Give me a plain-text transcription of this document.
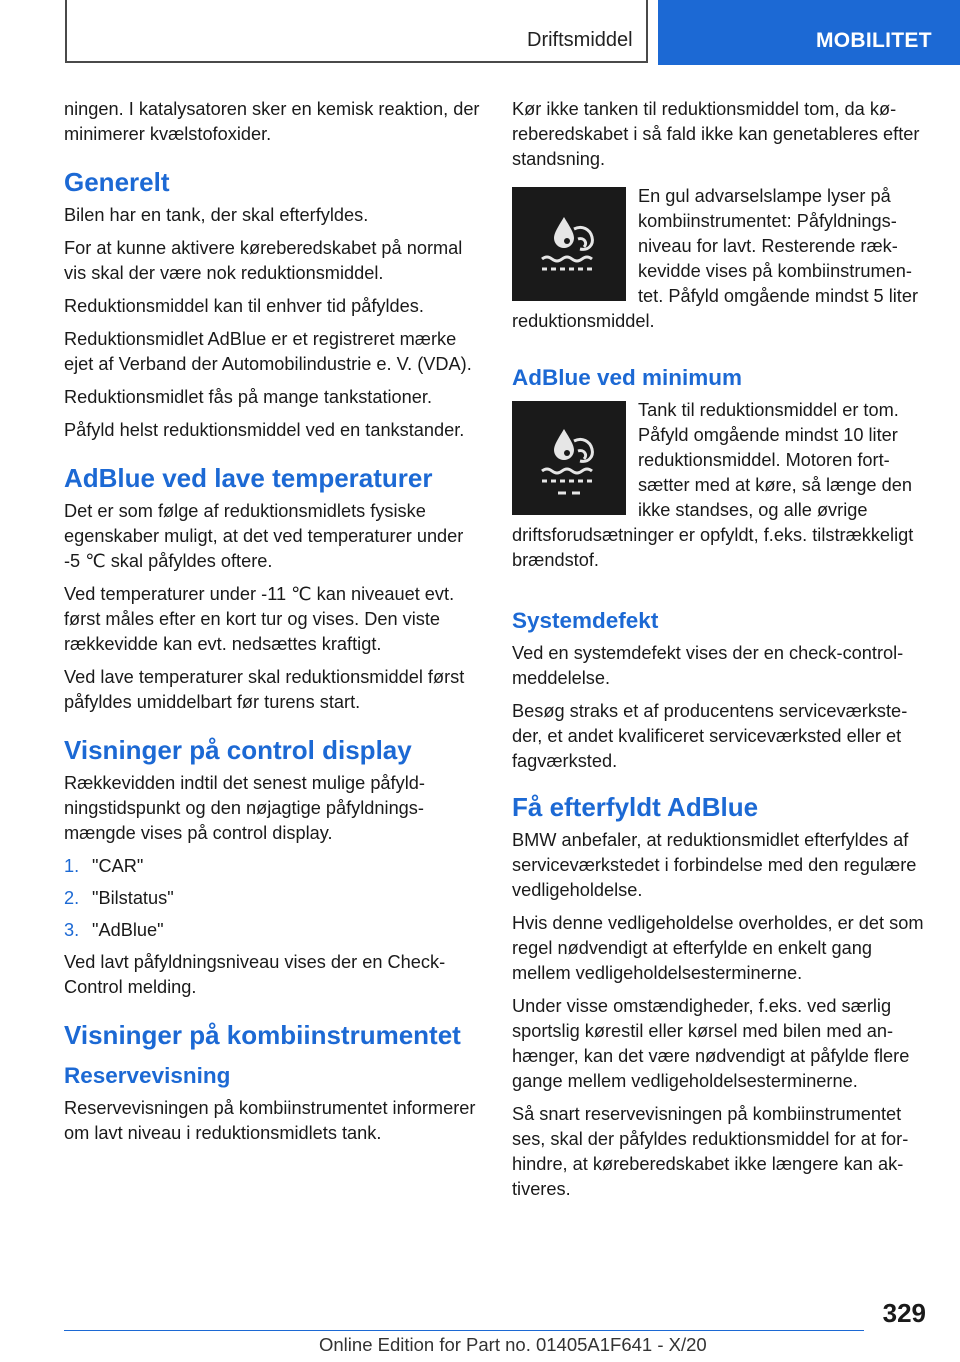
Driftsmiddel	MOBILITET

ningen. I katalysatoren sker en kemisk reaktion, der minimerer kvælstofoxider.

Generelt

Bilen har en tank, der skal efterfyldes.

For at kunne aktivere køreberedskabet på normal vis skal der være nok reduktionsmiddel.

Reduktionsmiddel kan til enhver tid påfyldes.

Reduktionsmidlet AdBlue er et registreret mærke ejet af Verband der Automobilindustrie e. V. (VDA).

Reduktionsmidlet fås på mange tankstationer.

Påfyld helst reduktionsmiddel ved en tankstander.

AdBlue ved lave temperaturer

Det er som følge af reduktionsmidlets fysiske egenskaber muligt, at det ved temperaturer under -5 ℃ skal påfyldes oftere.

Ved temperaturer under -11 ℃ kan niveauet evt. først måles efter en kort tur og vises. Den viste rækkevidde kan evt. nedsættes kraftigt.

Ved lave temperaturer skal reduktionsmiddel først påfyldes umiddelbart før turens start.

Visninger på control display

Rækkevidden indtil det senest mulige påfyldningstidspunkt og den nøjagtige påfyldningsmængde vises på control display.

1. "CAR"
2. "Bilstatus"
3. "AdBlue"

Ved lavt påfyldningsniveau vises der en Check-Control melding.

Visninger på kombiinstrumentet
Reservevisning

Reservevisningen på kombiinstrumentet informerer om lavt niveau i reduktionsmidlets tank.

Kør ikke tanken til reduktionsmiddel tom, da køreberedskabet i så fald ikke kan genetableres efter standsning.

En gul advarselslampe lyser på kombiinstrumentet: Påfyldningsniveau for lavt. Resterende rækkevidde vises på kombiinstrumentet. Påfyld omgående mindst 5 liter reduktionsmiddel.

AdBlue ved minimum

Tank til reduktionsmiddel er tom. Påfyld omgående mindst 10 liter reduktionsmiddel. Motoren fortsætter med at køre, så længe den ikke standses, og alle øvrige driftsforudsætninger er opfyldt, f.eks. tilstrækkeligt brændstof.

Systemdefekt

Ved en systemdefekt vises der en check-control-meddelelse.

Besøg straks et af producentens serviceværksteder, et andet kvalificeret serviceværksted eller et fagværksted.

Få efterfyldt AdBlue

BMW anbefaler, at reduktionsmidlet efterfyldes af serviceværkstedet i forbindelse med den regulære vedligeholdelse.

Hvis denne vedligeholdelse overholdes, er det som regel nødvendigt at efterfylde en enkelt gang mellem vedligeholdelsesterminerne.

Under visse omstændigheder, f.eks. ved særlig sportslig kørestil eller kørsel med bilen med anhænger, kan det være nødvendigt at påfylde flere gange mellem vedligeholdelsesterminerne.

Så snart reservevisningen på kombiinstrumentet ses, skal der påfyldes reduktionsmiddel for at forhindre, at køreberedskabet ikke længere kan aktiveres.

329
Online Edition for Part no. 01405A1F641 - X/20
